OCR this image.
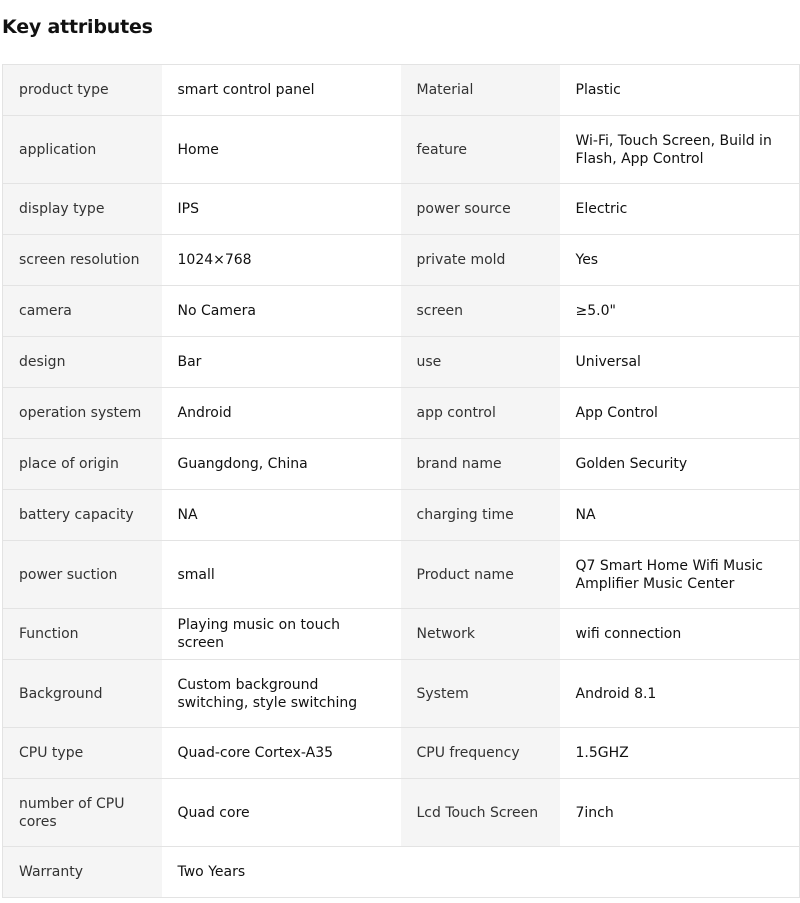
Key attributes
product type	smart control panel	Material	Plastic
application	Home	feature	Wi-Fi, Touch Screen, Build in Flash, App Control
display type	IPS	power source	Electric
screen resolution	1024×768	private mold	Yes
camera	No Camera	screen	≥5.0"
design	Bar	use	Universal
operation system	Android	app control	App Control
place of origin	Guangdong, China	brand name	Golden Security
battery capacity	NA	charging time	NA
power suction	small	Product name	Q7 Smart Home Wifi Music Amplifier Music Center
Function	Playing music on touch screen	Network	wifi connection
Background	Custom background switching, style switching	System	Android 8.1
CPU type	Quad-core Cortex-A35	CPU frequency	1.5GHZ
number of CPU cores	Quad core	Lcd Touch Screen	7inch
Warranty	Two Years		
